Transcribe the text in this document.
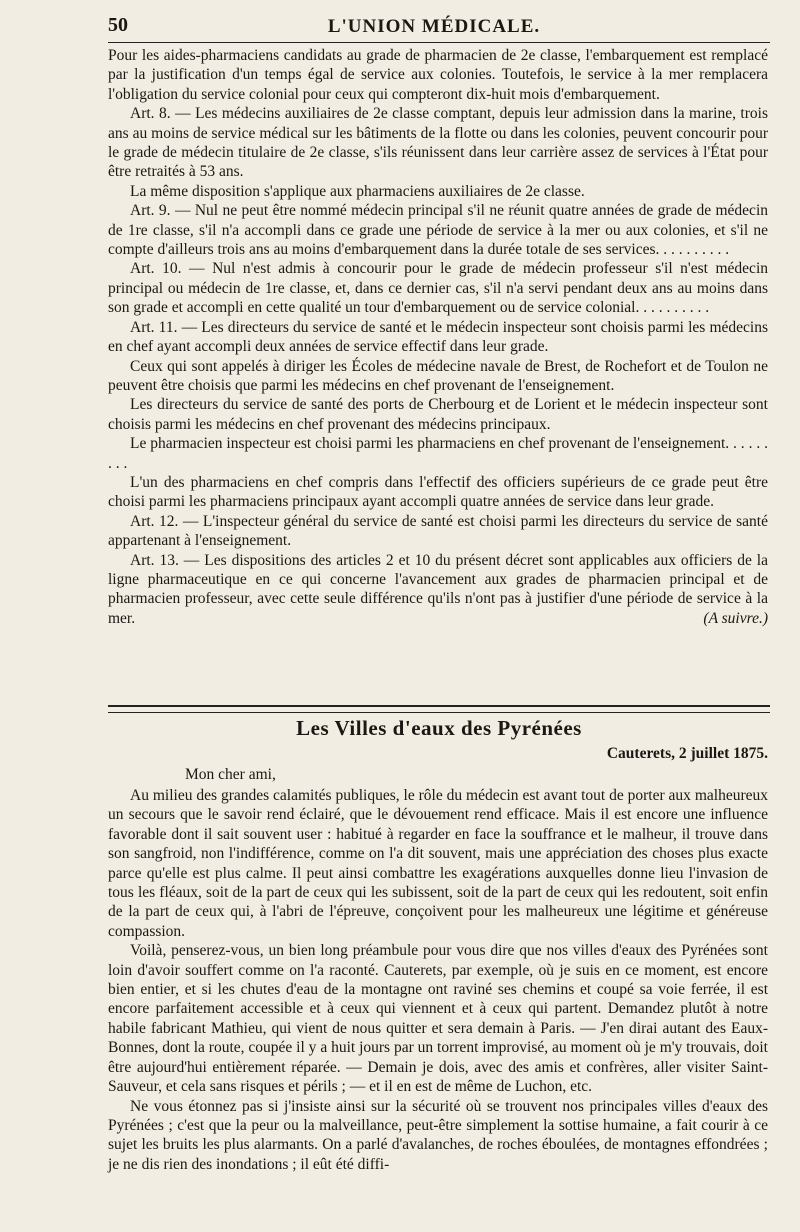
50	L'UNION MÉDICALE.

Pour les aides-pharmaciens candidats au grade de pharmacien de 2e classe, l'embarquement est remplacé par la justification d'un temps égal de service aux colonies. Toutefois, le service à la mer remplacera l'obligation du service colonial pour ceux qui compteront dix-huit mois d'embarquement.

Art. 8. — Les médecins auxiliaires de 2e classe comptant, depuis leur admission dans la marine, trois ans au moins de service médical sur les bâtiments de la flotte ou dans les colonies, peuvent concourir pour le grade de médecin titulaire de 2e classe, s'ils réunissent dans leur carrière assez de services à l'État pour être retraités à 53 ans.

La même disposition s'applique aux pharmaciens auxiliaires de 2e classe.

Art. 9. — Nul ne peut être nommé médecin principal s'il ne réunit quatre années de grade de médecin de 1re classe, s'il n'a accompli dans ce grade une période de service à la mer ou aux colonies, et s'il ne compte d'ailleurs trois ans au moins d'embarquement dans la durée totale de ses services. . . . . . . . . .

Art. 10. — Nul n'est admis à concourir pour le grade de médecin professeur s'il n'est médecin principal ou médecin de 1re classe, et, dans ce dernier cas, s'il n'a servi pendant deux ans au moins dans son grade et accompli en cette qualité un tour d'embarquement ou de service colonial. . . . . . . . . .

Art. 11. — Les directeurs du service de santé et le médecin inspecteur sont choisis parmi les médecins en chef ayant accompli deux années de service effectif dans leur grade.

Ceux qui sont appelés à diriger les Écoles de médecine navale de Brest, de Rochefort et de Toulon ne peuvent être choisis que parmi les médecins en chef provenant de l'enseignement.

Les directeurs du service de santé des ports de Cherbourg et de Lorient et le médecin inspecteur sont choisis parmi les médecins en chef provenant des médecins principaux.

Le pharmacien inspecteur est choisi parmi les pharmaciens en chef provenant de l'enseignement. . . . . . . . .

L'un des pharmaciens en chef compris dans l'effectif des officiers supérieurs de ce grade peut être choisi parmi les pharmaciens principaux ayant accompli quatre années de service dans leur grade.

Art. 12. — L'inspecteur général du service de santé est choisi parmi les directeurs du service de santé appartenant à l'enseignement.

Art. 13. — Les dispositions des articles 2 et 10 du présent décret sont applicables aux officiers de la ligne pharmaceutique en ce qui concerne l'avancement aux grades de pharmacien principal et de pharmacien professeur, avec cette seule différence qu'ils n'ont pas à justifier d'une période de service à la mer.	(A suivre.)

Les Villes d'eaux des Pyrénées
Cauterets, 2 juillet 1875.
Mon cher ami,

Au milieu des grandes calamités publiques, le rôle du médecin est avant tout de porter aux malheureux un secours que le savoir rend éclairé, que le dévouement rend efficace. Mais il est encore une influence favorable dont il sait souvent user : habitué à regarder en face la souffrance et le malheur, il trouve dans son sangfroid, non l'indifférence, comme on l'a dit souvent, mais une appréciation des choses plus exacte parce qu'elle est plus calme. Il peut ainsi combattre les exagérations auxquelles donne lieu l'invasion de tous les fléaux, soit de la part de ceux qui les subissent, soit de la part de ceux qui les redoutent, soit enfin de la part de ceux qui, à l'abri de l'épreuve, conçoivent pour les malheureux une légitime et généreuse compassion.

Voilà, penserez-vous, un bien long préambule pour vous dire que nos villes d'eaux des Pyrénées sont loin d'avoir souffert comme on l'a raconté. Cauterets, par exemple, où je suis en ce moment, est encore bien entier, et si les chutes d'eau de la montagne ont raviné ses chemins et coupé sa voie ferrée, il est encore parfaitement accessible et à ceux qui viennent et à ceux qui partent. Demandez plutôt à notre habile fabricant Mathieu, qui vient de nous quitter et sera demain à Paris. — J'en dirai autant des Eaux-Bonnes, dont la route, coupée il y a huit jours par un torrent improvisé, au moment où je m'y trouvais, doit être aujourd'hui entièrement réparée. — Demain je dois, avec des amis et confrères, aller visiter Saint-Sauveur, et cela sans risques et périls ; — et il en est de même de Luchon, etc.

Ne vous étonnez pas si j'insiste ainsi sur la sécurité où se trouvent nos principales villes d'eaux des Pyrénées ; c'est que la peur ou la malveillance, peut-être simplement la sottise humaine, a fait courir à ce sujet les bruits les plus alarmants. On a parlé d'avalanches, de roches éboulées, de montagnes effondrées ; je ne dis rien des inondations ; il eût été diffi-
